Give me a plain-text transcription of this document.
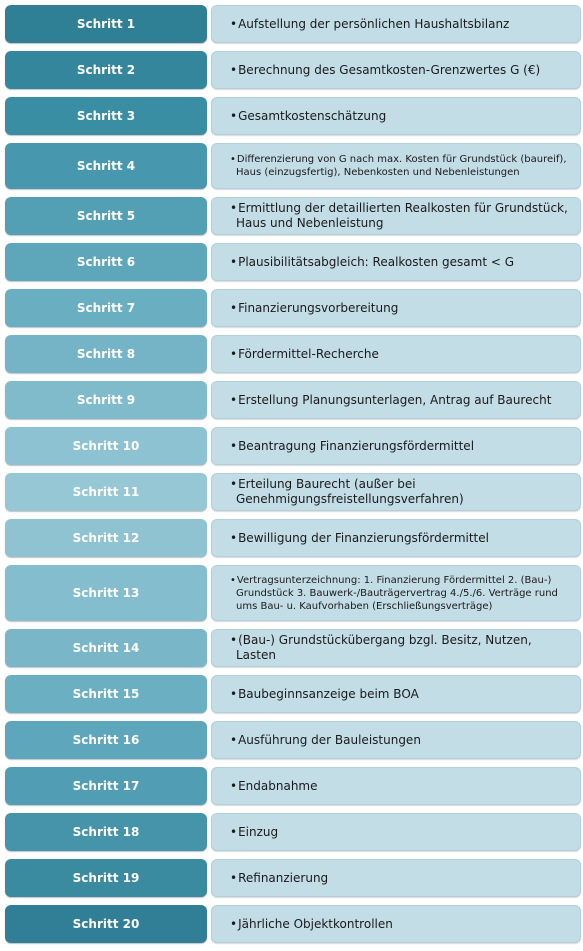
Schritt 1	• Aufstellung der persönlichen Haushaltsbilanz
Schritt 2	• Berechnung des Gesamtkosten-Grenzwertes G (€)
Schritt 3	• Gesamtkostenschätzung
Schritt 4	• Differenzierung von G nach max. Kosten für Grundstück (baureif), Haus (einzugsfertig), Nebenkosten und Nebenleistungen
Schritt 5
• Ermittlung der detaillierten Realkosten für Grundstück, Haus und Nebenleistung
Schritt 6	• Plausibilitätsabgleich: Realkosten gesamt < G
Schritt 7	• Finanzierungsvorbereitung
Schritt 8	• Fördermittel-Recherche
Schritt 9	• Erstellung Planungsunterlagen, Antrag auf Baurecht
Schritt 10	• Beantragung Finanzierungsfördermittel
Schritt 11
• Erteilung Baurecht (außer bei Genehmigungsfreistellungsverfahren)
Schritt 12	• Bewilligung der Finanzierungsfördermittel
Schritt 13
• Vertragsunterzeichnung: 1. Finanzierung Fördermittel 2. (Bau-) Grundstück 3. Bauwerk-/Bauträgervertrag 4./5./6. Verträge rund ums Bau- u. Kaufvorhaben (Erschließungsverträge)
Schritt 14
• (Bau-) Grundstückübergang bzgl. Besitz, Nutzen, Lasten
Schritt 15	• Baubeginnsanzeige beim BOA
Schritt 16	• Ausführung der Bauleistungen
Schritt 17	• Endabnahme
Schritt 18	• Einzug
Schritt 19	• Refinanzierung
Schritt 20	• Jährliche Objektkontrollen
